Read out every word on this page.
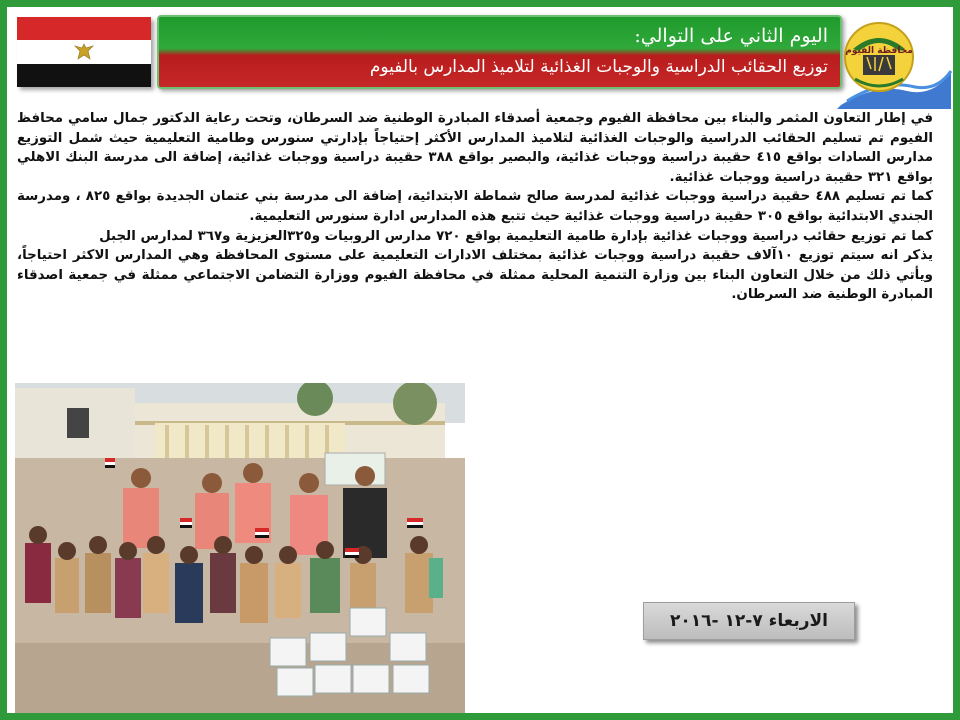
اليوم الثاني على التوالي:
توزيع الحقائب الدراسية والوجبات الغذائية لتلاميذ المدارس بالفيوم
محافظة الفيوم

في إطار التعاون المثمر والبناء بين محافظة الفيوم وجمعية أصدقاء المبادرة الوطنية ضد السرطان، وتحت رعاية الدكتور جمال سامي محافظ الفيوم تم تسليم الحقائب الدراسية والوجبات الغذائية لتلاميذ المدارس الأكثر إحتياجاً بإدارتي سنورس وطامية التعليمية حيث شمل التوزيع مدارس السادات بواقع ٤١٥ حقيبة دراسية ووجبات غذائية، والبصير بواقع ٣٨٨ حقيبة دراسية ووجبات غذائية، إضافة الى مدرسة البنك الاهلي بواقع ٣٢١ حقيبة دراسية ووجبات غذائية.

كما تم تسليم ٤٨٨ حقيبة دراسية ووجبات غذائية لمدرسة صالح شماطة الابتدائية، إضافة الى مدرسة بني عتمان الجديدة بواقع ٨٢٥ ، ومدرسة الجندي الابتدائية بواقع ٣٠٥ حقيبة دراسية ووجبات غذائية حيث تتبع هذه المدارس ادارة سنورس التعليمية.

كما تم توزيع حقائب دراسية ووجبات غذائية بإدارة طامية التعليمية بواقع ٧٢٠ مدارس الروبيات و٣٢٥العزيزية و٣٦٧ لمدارس الجبل

يذكر انه سيتم توزيع ١٠آلاف حقيبة دراسية ووجبات غذائية بمختلف الادارات التعليمية على مستوى المحافظة وهي المدارس الاكثر احتياجاً، ويأتي ذلك من خلال التعاون البناء بين وزارة التنمية المحلية ممثلة في محافظة الفيوم ووزارة التضامن الاجتماعي ممثلة في جمعية اصدقاء المبادرة الوطنية ضد السرطان.

الاربعاء ٧-١٢ -٢٠١٦
